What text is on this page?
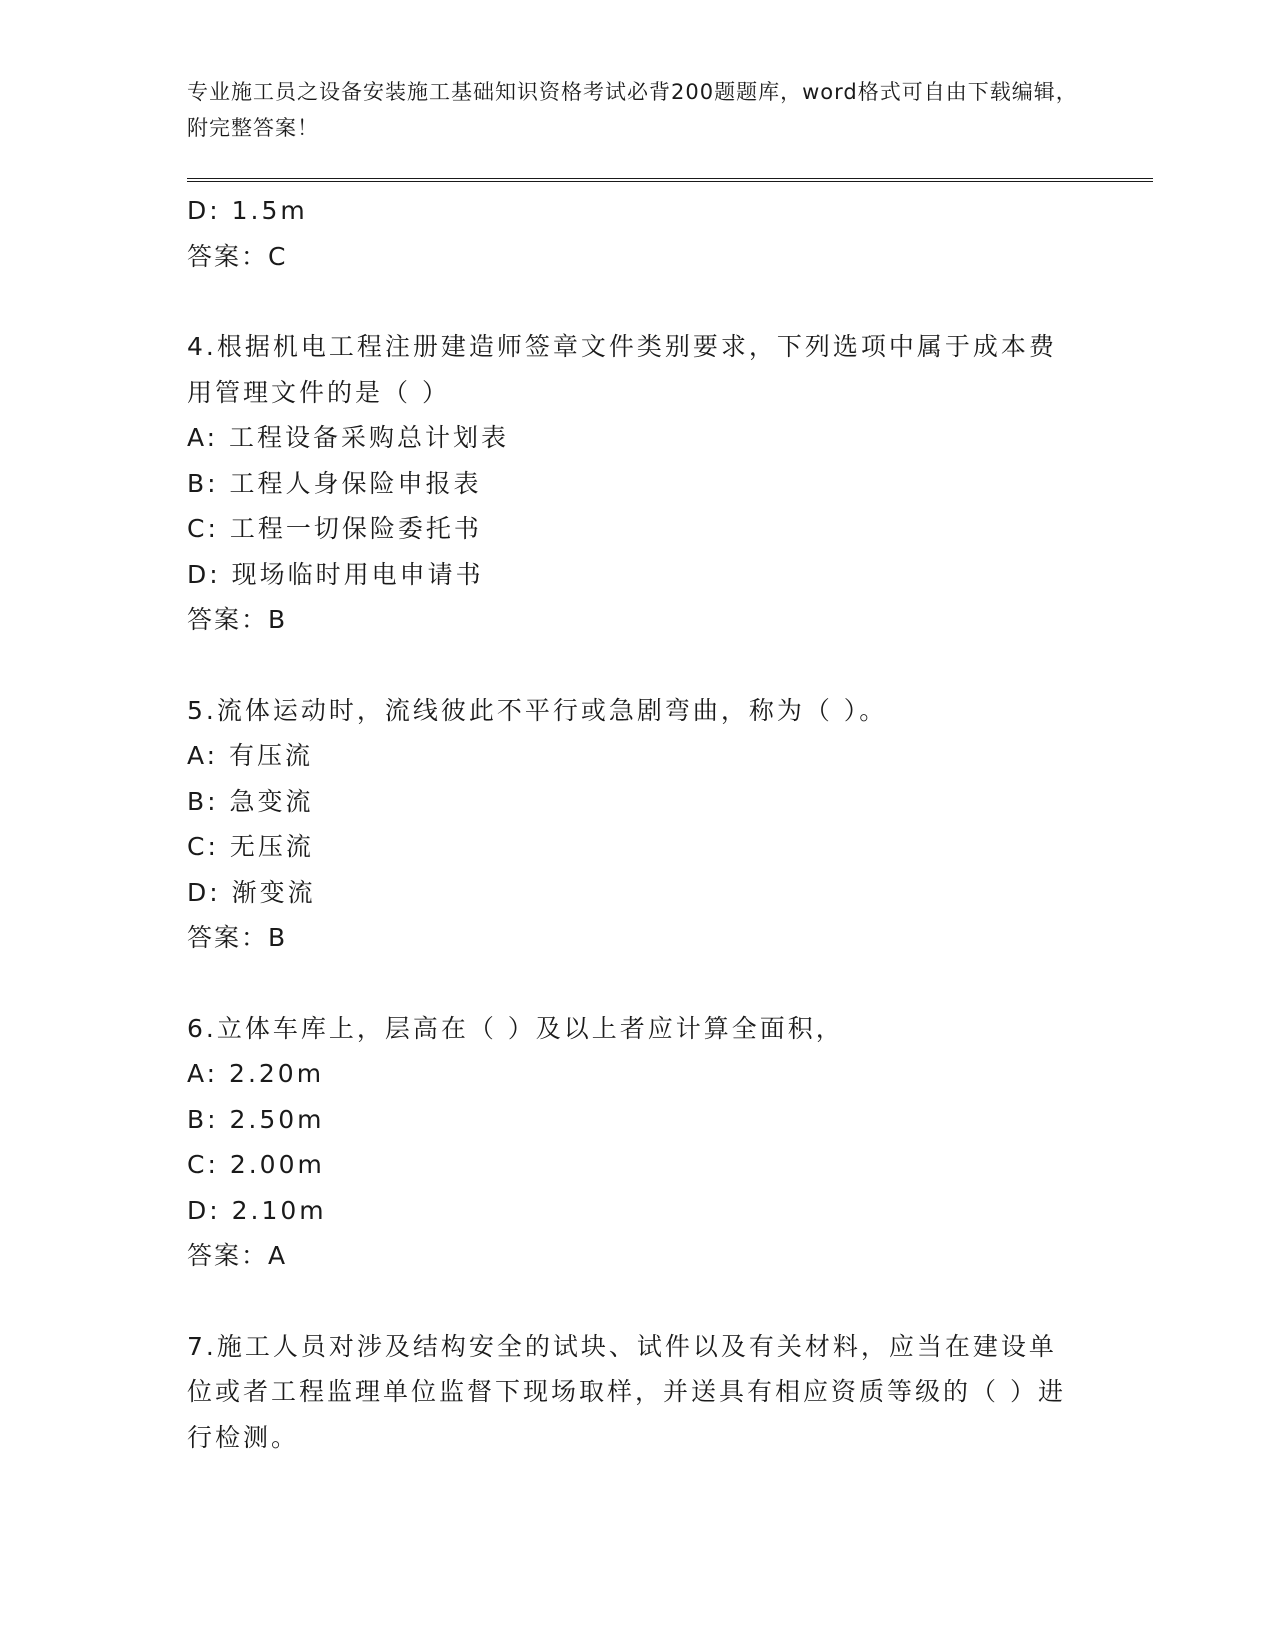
专业施工员之设备安装施工基础知识资格考试必背200题题库，word格式可自由下载编辑，附完整答案！
D: 1.5m
答案：C
4.根据机电工程注册建造师签章文件类别要求，下列选项中属于成本费用管理文件的是（ ）
A: 工程设备采购总计划表
B: 工程人身保险申报表
C: 工程一切保险委托书
D: 现场临时用电申请书
答案：B
5.流体运动时，流线彼此不平行或急剧弯曲，称为（ ）。
A: 有压流
B: 急变流
C: 无压流
D: 渐变流
答案：B
6.立体车库上，层高在（ ）及以上者应计算全面积，
A: 2.20m
B: 2.50m
C: 2.00m
D: 2.10m
答案：A
7.施工人员对涉及结构安全的试块、试件以及有关材料，应当在建设单位或者工程监理单位监督下现场取样，并送具有相应资质等级的（ ）进行检测。
